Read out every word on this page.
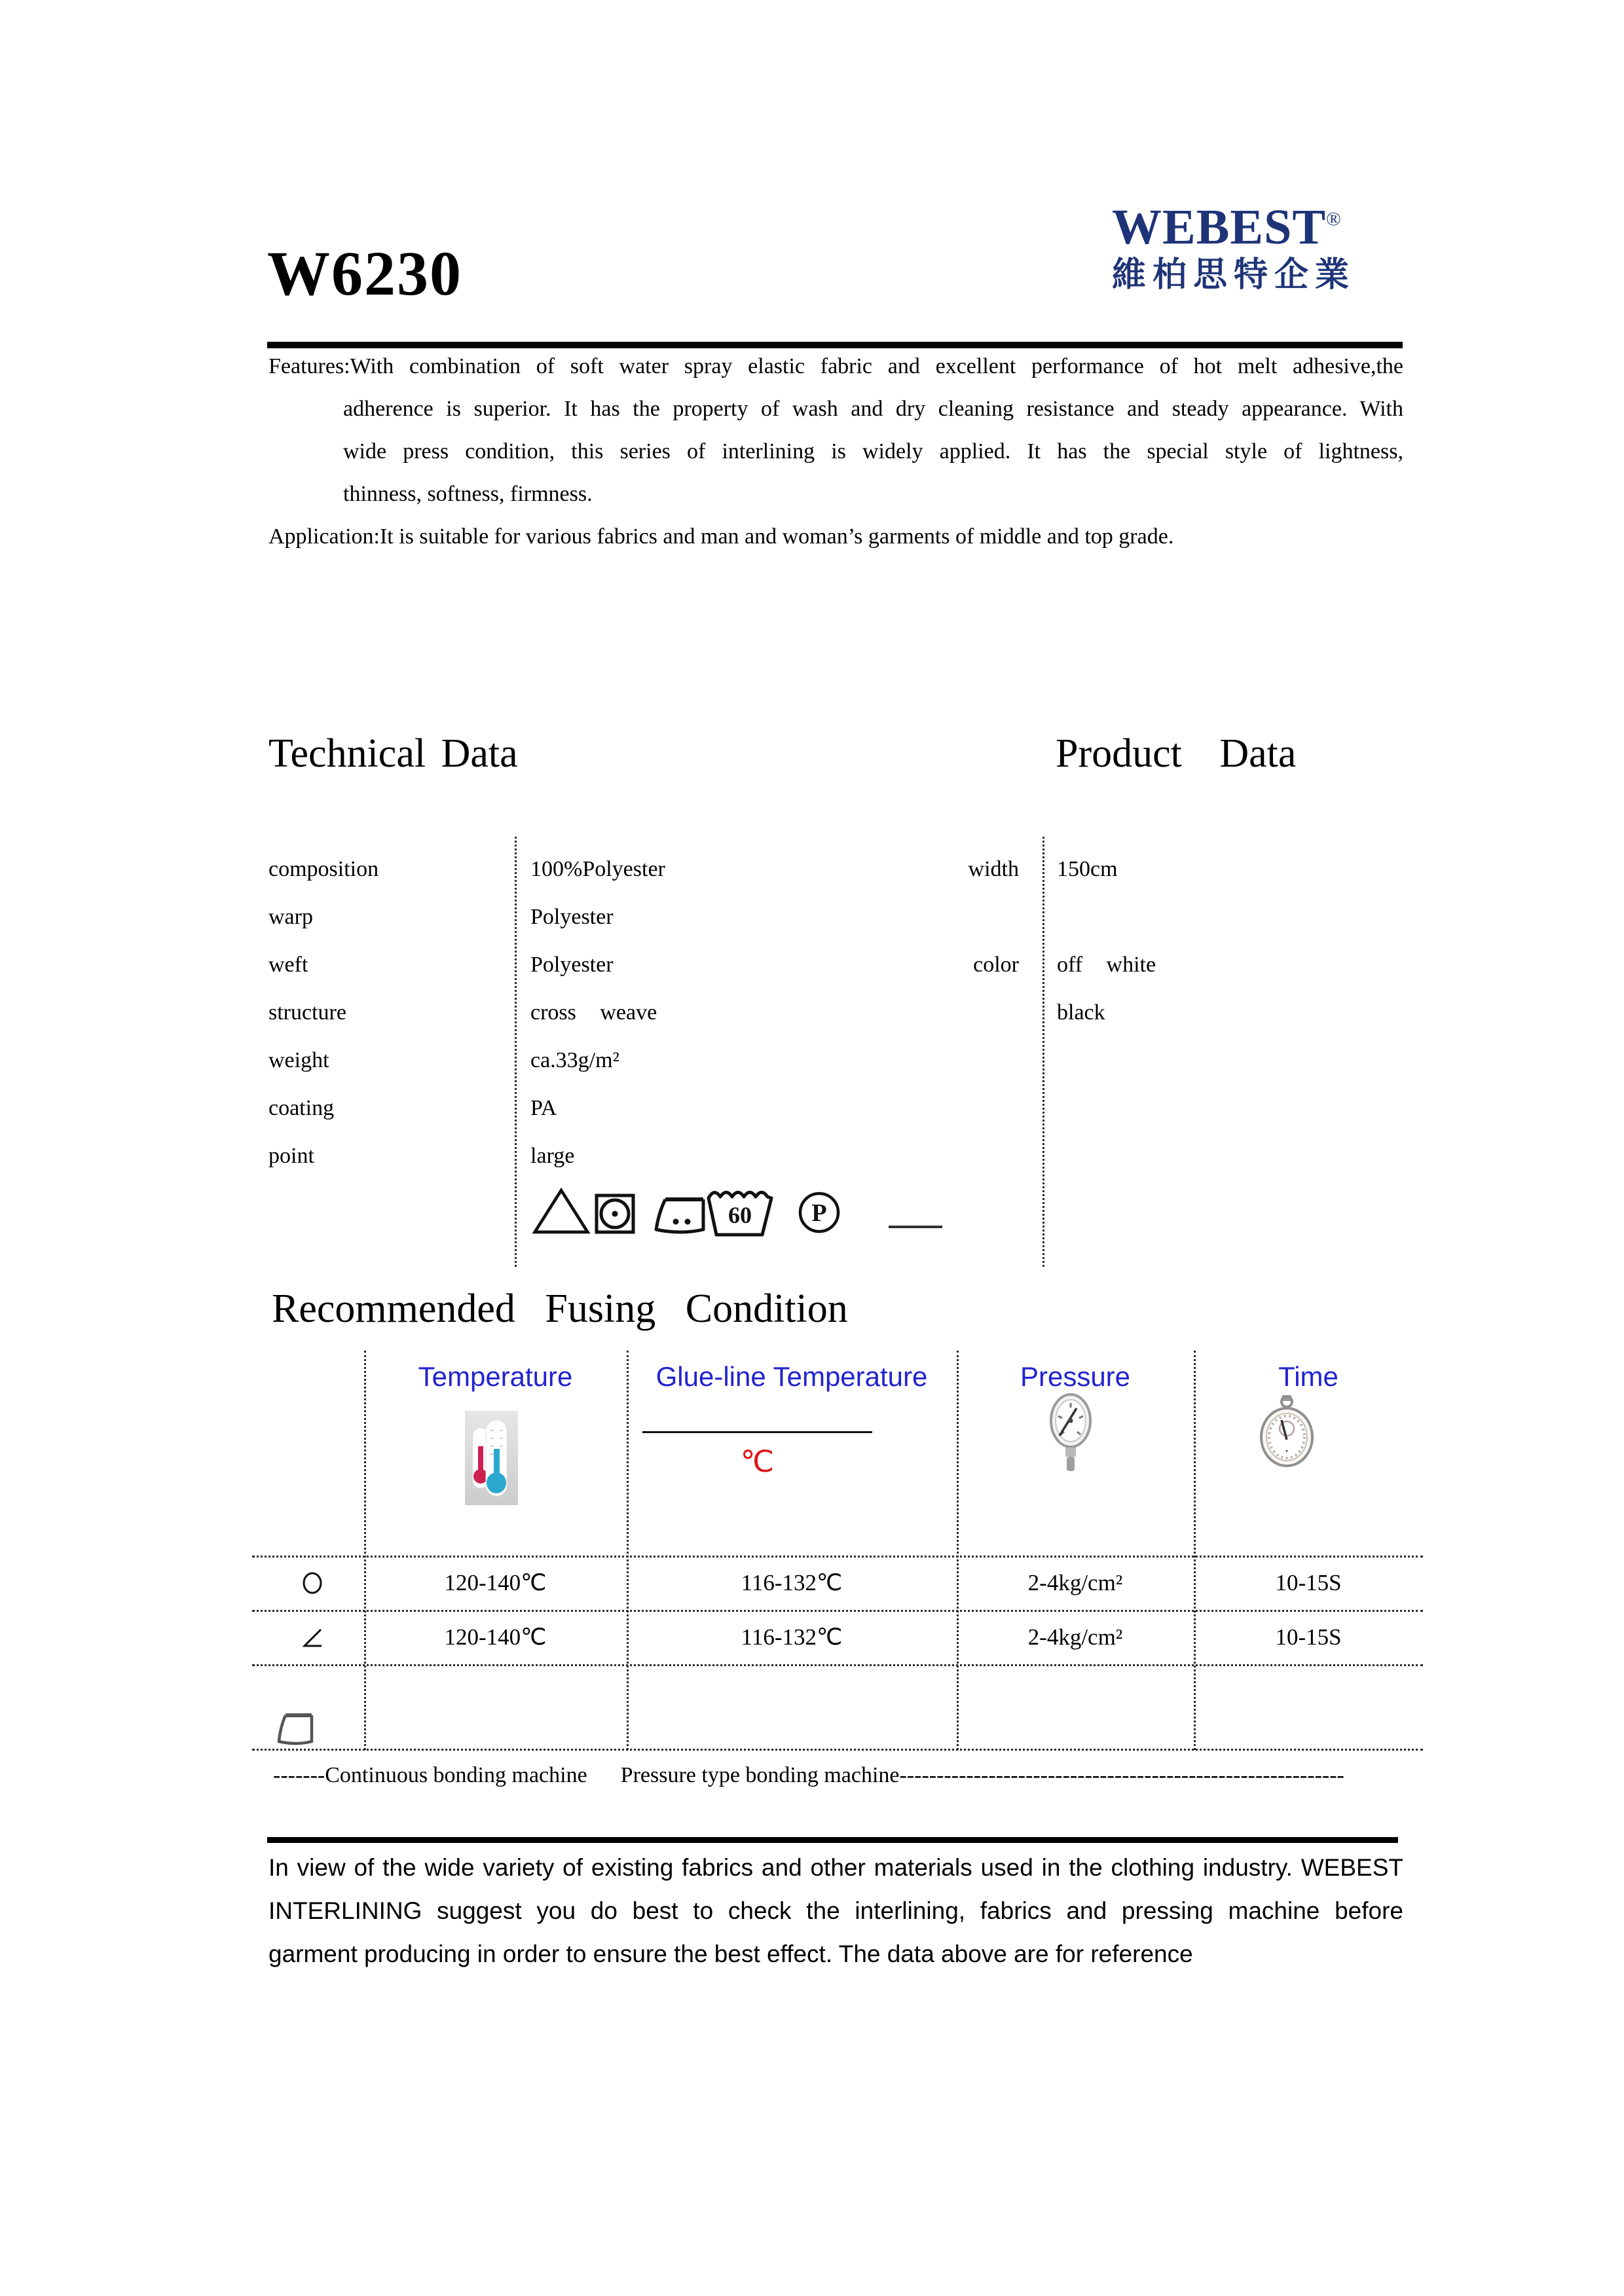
W6230
WEBEST®
維柏思特企業
Features:With combination of soft water spray elastic fabric and excellent performance of hot melt adhesive,the
adherence is superior. It has the property of wash and dry cleaning resistance and steady appearance. With
wide press condition, this series of interlining is widely applied. It has the special style of lightness,
thinness, softness, firmness.
Application:It is suitable for various fabrics and man and woman’s garments of middle and top grade.
Technical Data	Product Data
composition	100%Polyester	width 150cm
warp	Polyester
weft	Polyester	color off white
structure	cross weave	black
weight	ca.33g/m²
coating	PA
point	large
60 P
Recommended Fusing Condition
Temperature	Glue-line Temperature	Pressure	Time
℃
120-140℃	116-132℃	2-4kg/cm²	10-15S
120-140℃	116-132℃	2-4kg/cm²	10-15S
-------Continuous bonding machine      Pressure type bonding machine------------------------------------------------------------
In view of the wide variety of existing fabrics and other materials used in the clothing industry. WEBEST
INTERLINING suggest you do best to check the interlining, fabrics and pressing machine before
garment producing in order to ensure the best effect. The data above are for reference
